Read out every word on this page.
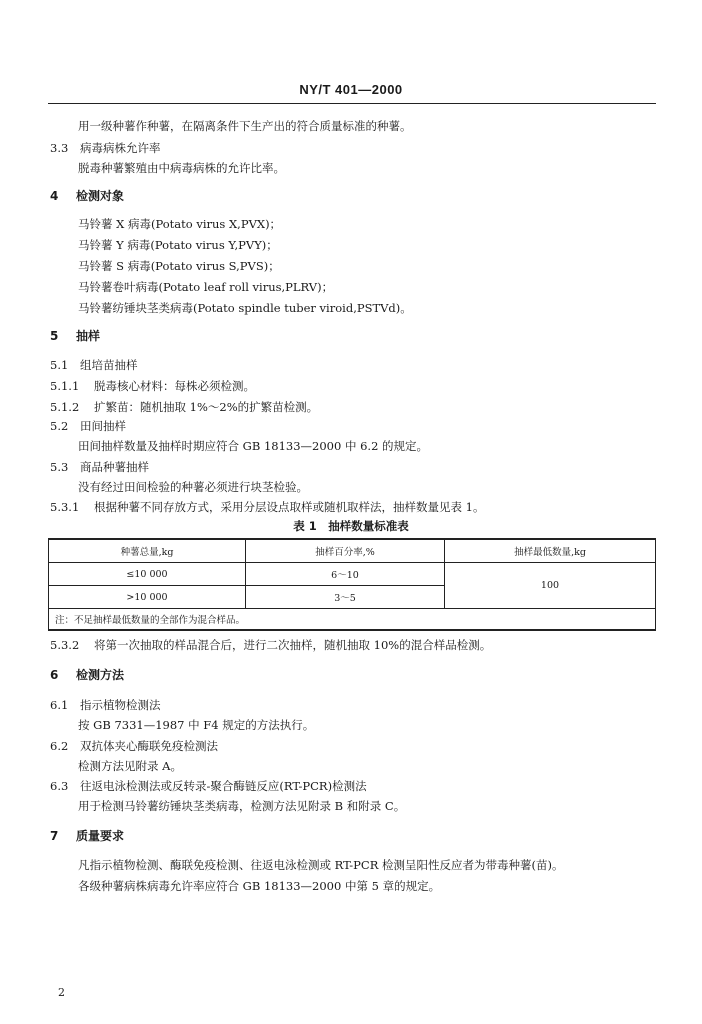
NY/T 401—2000
用一级种薯作种薯，在隔离条件下生产出的符合质量标准的种薯。
3.3 病毒病株允许率
脱毒种薯繁殖由中病毒病株的允许比率。
4 检测对象
马铃薯 X 病毒(Potato virus X,PVX)；
马铃薯 Y 病毒(Potato virus Y,PVY)；
马铃薯 S 病毒(Potato virus S,PVS)；
马铃薯卷叶病毒(Potato leaf roll virus,PLRV)；
马铃薯纺锤块茎类病毒(Potato spindle tuber viroid,PSTVd)。
5 抽样
5.1 组培苗抽样
5.1.1 脱毒核心材料：每株必须检测。
5.1.2 扩繁苗：随机抽取 1%～2%的扩繁苗检测。
5.2 田间抽样
田间抽样数量及抽样时期应符合 GB 18133—2000 中 6.2 的规定。
5.3 商品种薯抽样
没有经过田间检验的种薯必须进行块茎检验。
5.3.1 根据种薯不同存放方式，采用分层设点取样或随机取样法，抽样数量见表 1。
表 1　抽样数量标准表
种薯总量,kg	抽样百分率,%	抽样最低数量,kg
≤10 000	6～10	100
>10 000	3～5	
注：不足抽样最低数量的全部作为混合样品。		
5.3.2 将第一次抽取的样品混合后，进行二次抽样，随机抽取 10%的混合样品检测。
6 检测方法
6.1 指示植物检测法
按 GB 7331—1987 中 F4 规定的方法执行。
6.2 双抗体夹心酶联免疫检测法
检测方法见附录 A。
6.3 往返电泳检测法或反转录-聚合酶链反应(RT-PCR)检测法
用于检测马铃薯纺锤块茎类病毒，检测方法见附录 B 和附录 C。
7 质量要求
凡指示植物检测、酶联免疫检测、往返电泳检测或 RT-PCR 检测呈阳性反应者为带毒种薯(苗)。
各级种薯病株病毒允许率应符合 GB 18133—2000 中第 5 章的规定。
2
